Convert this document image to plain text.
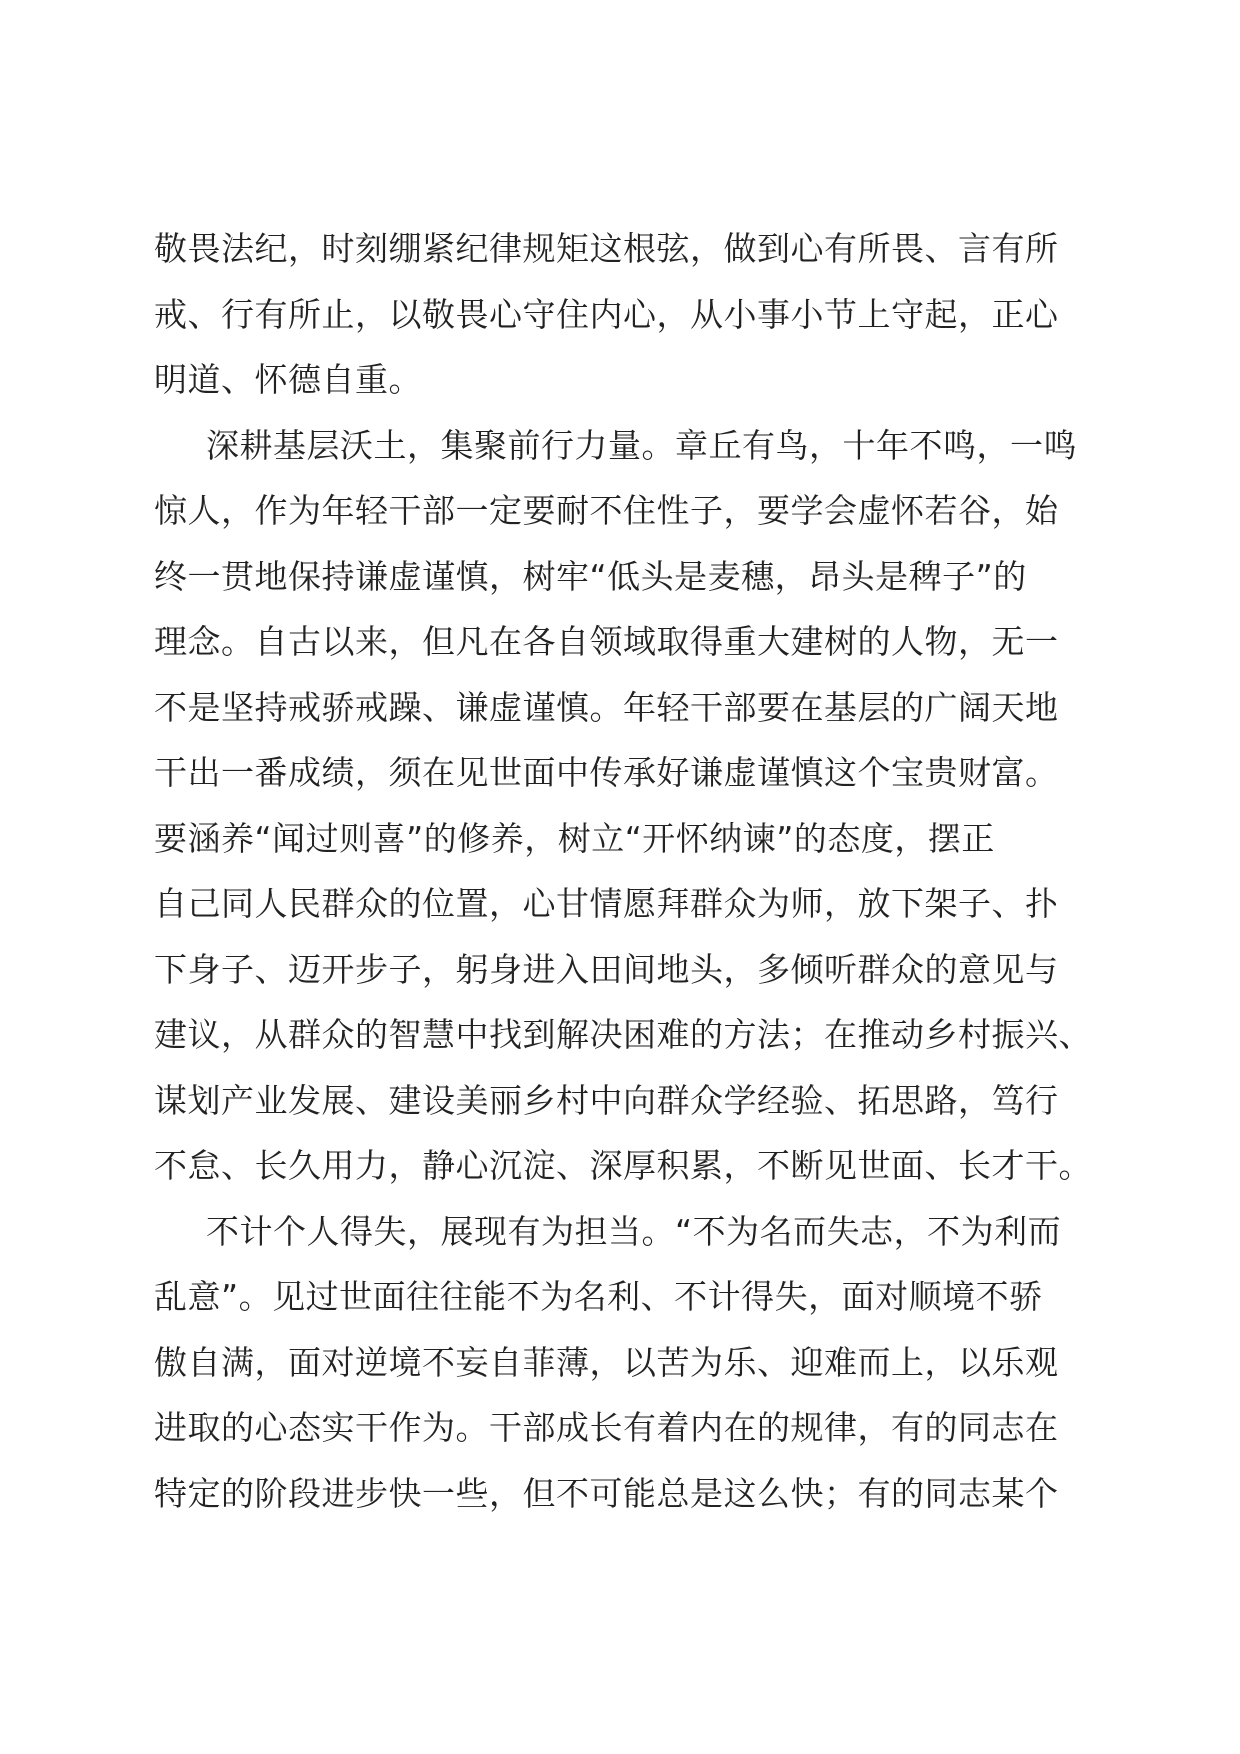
敬畏法纪，时刻绷紧纪律规矩这根弦，做到心有所畏、言有所
戒、行有所止，以敬畏心守住内心，从小事小节上守起，正心
明道、怀德自重。
深耕基层沃土，集聚前行力量。章丘有鸟，十年不鸣，一鸣
惊人，作为年轻干部一定要耐不住性子，要学会虚怀若谷，始
终一贯地保持谦虚谨慎，树牢“低头是麦穗，昂头是稗子”的
理念。自古以来，但凡在各自领域取得重大建树的人物，无一
不是坚持戒骄戒躁、谦虚谨慎。年轻干部要在基层的广阔天地
干出一番成绩，须在见世面中传承好谦虚谨慎这个宝贵财富。
要涵养“闻过则喜”的修养，树立“开怀纳谏”的态度，摆正
自己同人民群众的位置，心甘情愿拜群众为师，放下架子、扑
下身子、迈开步子，躬身进入田间地头，多倾听群众的意见与
建议，从群众的智慧中找到解决困难的方法；在推动乡村振兴、
谋划产业发展、建设美丽乡村中向群众学经验、拓思路，笃行
不怠、长久用力，静心沉淀、深厚积累，不断见世面、长才干。
不计个人得失，展现有为担当。“不为名而失志，不为利而
乱意”。见过世面往往能不为名利、不计得失，面对顺境不骄
傲自满，面对逆境不妄自菲薄，以苦为乐、迎难而上，以乐观
进取的心态实干作为。干部成长有着内在的规律，有的同志在
特定的阶段进步快一些，但不可能总是这么快；有的同志某个
